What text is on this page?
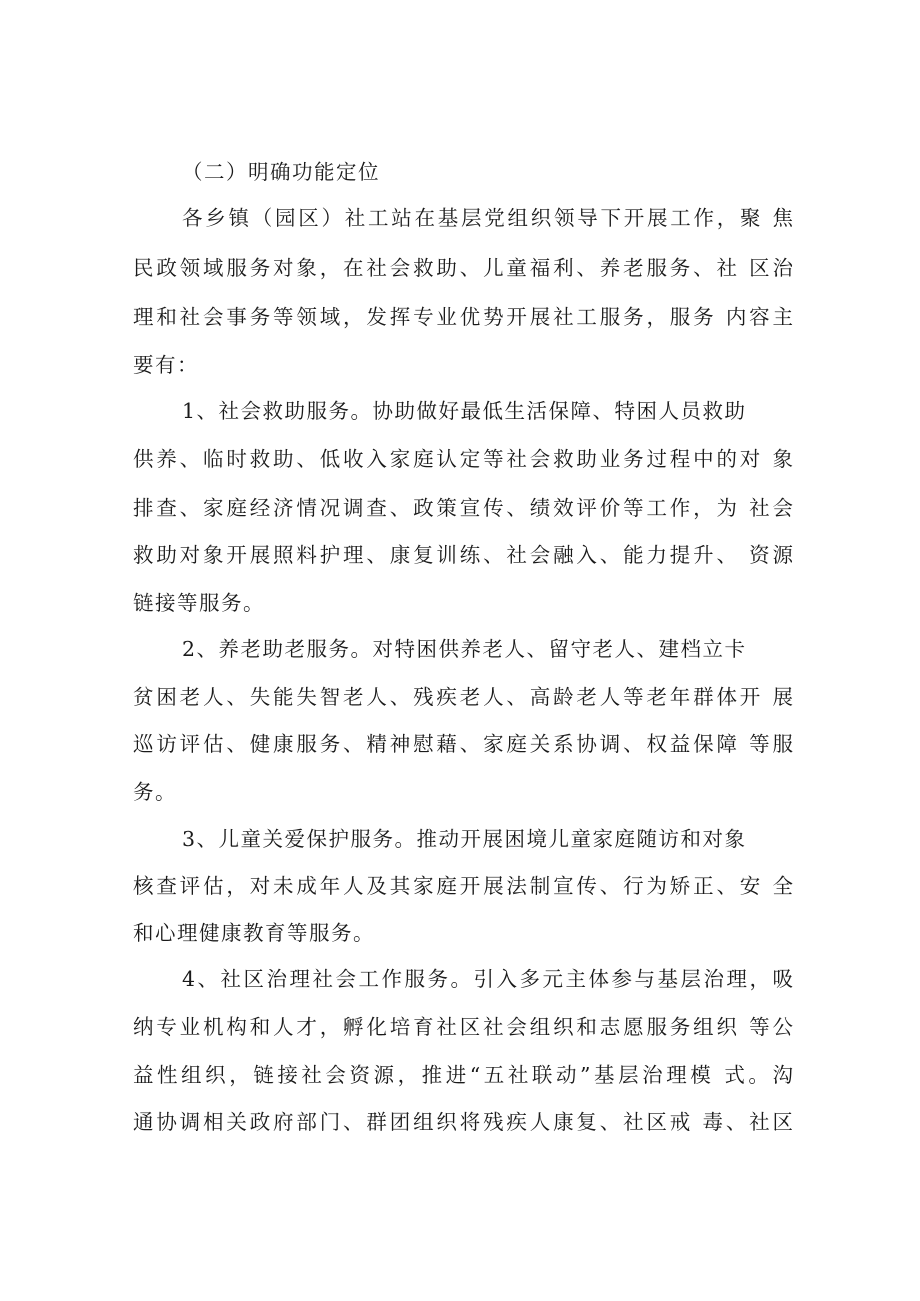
（二）明确功能定位
各乡镇（园区）社工站在基层党组织领导下开展工作，聚 焦
民政领域服务对象，在社会救助、儿童福利、养老服务、社 区治
理和社会事务等领域，发挥专业优势开展社工服务，服务 内容主
要有：
1、社会救助服务。协助做好最低生活保障、特困人员救助
供养、临时救助、低收入家庭认定等社会救助业务过程中的对 象
排查、家庭经济情况调查、政策宣传、绩效评价等工作，为 社会
救助对象开展照料护理、康复训练、社会融入、能力提升、 资源
链接等服务。
2、养老助老服务。对特困供养老人、留守老人、建档立卡
贫困老人、失能失智老人、残疾老人、高龄老人等老年群体开 展
巡访评估、健康服务、精神慰藉、家庭关系协调、权益保障 等服
务。
3、儿童关爱保护服务。推动开展困境儿童家庭随访和对象
核查评估，对未成年人及其家庭开展法制宣传、行为矫正、安 全
和心理健康教育等服务。
4、社区治理社会工作服务。引入多元主体参与基层治理，吸
纳专业机构和人才，孵化培育社区社会组织和志愿服务组织 等公
益性组织，链接社会资源，推进“五社联动”基层治理模 式。沟
通协调相关政府部门、群团组织将残疾人康复、社区戒 毒、社区
